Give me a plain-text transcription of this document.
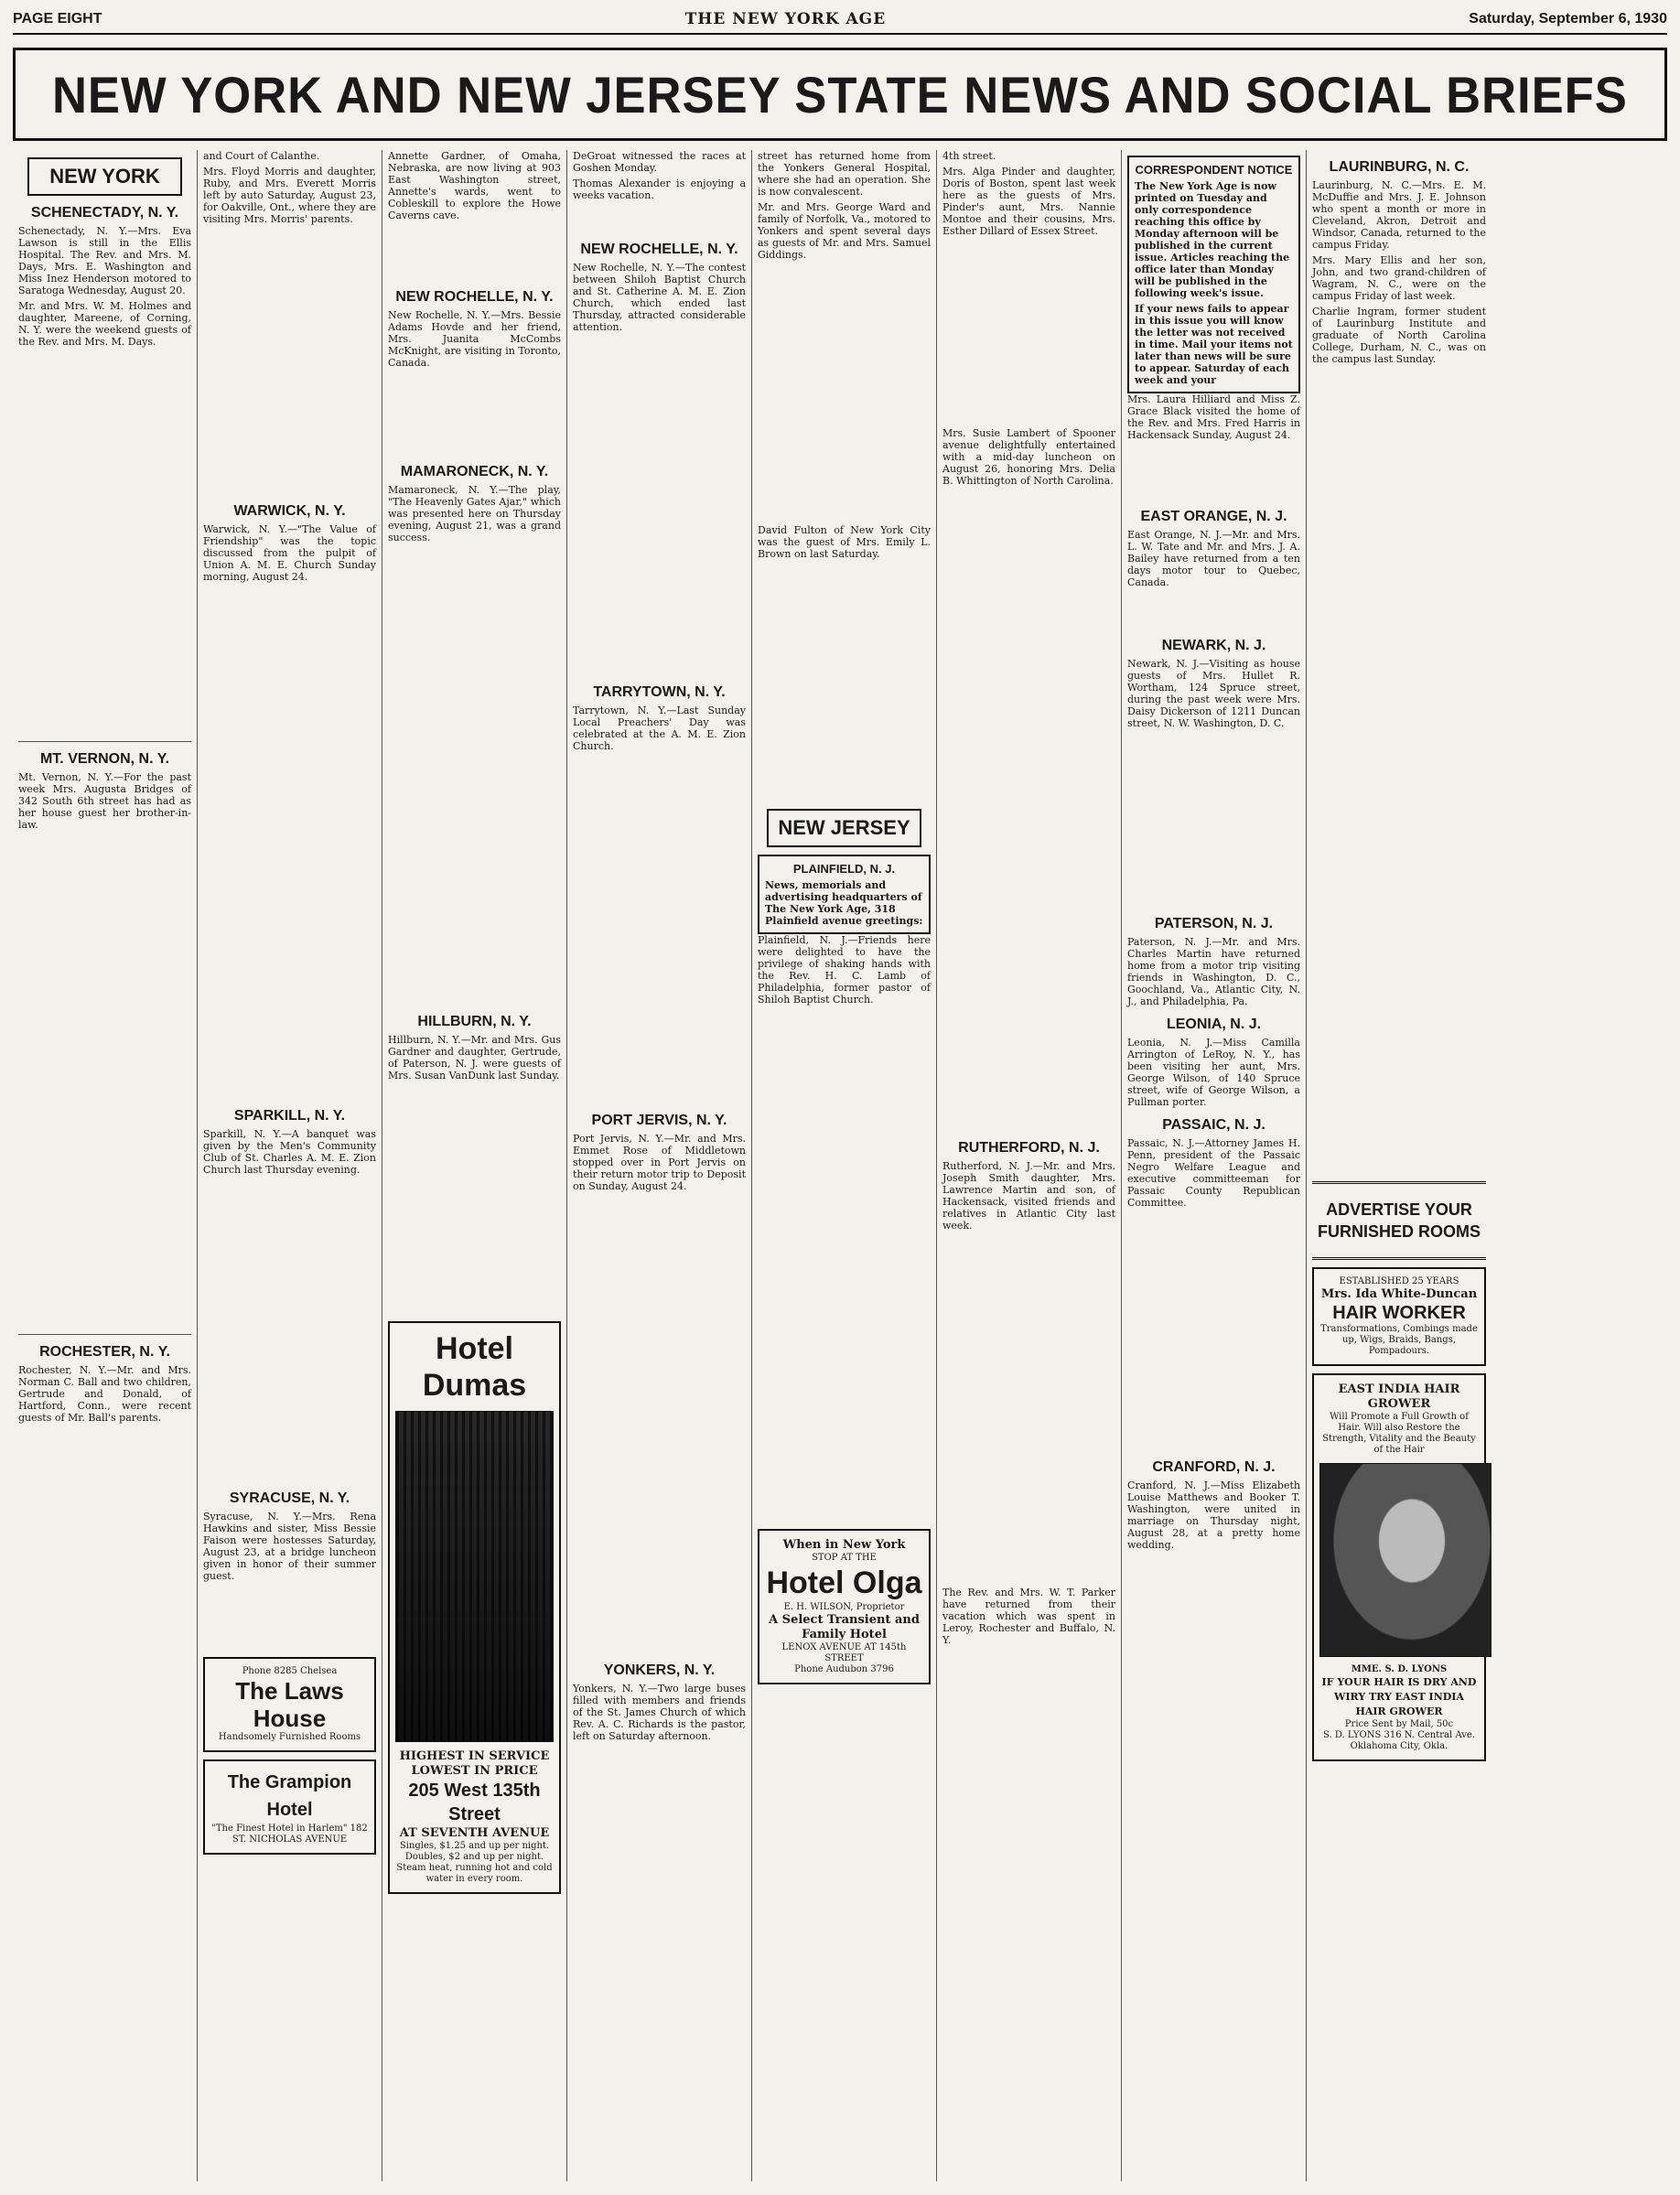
PAGE EIGHT	THE NEW YORK AGE	Saturday, September 6, 1930
NEW YORK AND NEW JERSEY STATE NEWS AND SOCIAL BRIEFS
NEW YORK
SCHENECTADY, N. Y.

Schenectady, N. Y.—Mrs. Eva Lawson is still in the Ellis Hospital. The Rev. and Mrs. M. Days, Mrs. E. Washington and Miss Inez Henderson motored to Saratoga Wednesday, August 20.

Mr. and Mrs. W. M. Holmes and daughter, Mareene, of Corning, N. Y. were the weekend guests of the Rev. and Mrs. M. Days.

MT. VERNON, N. Y.

Mt. Vernon, N. Y.—For the past week Mrs. Augusta Bridges of 342 South 6th street has had as her house guest her brother-in-law.

ROCHESTER, N. Y.

Rochester, N. Y.—Mr. and Mrs. Norman C. Ball and two children, Gertrude and Donald, of Hartford, Conn., were recent guests of Mr. Ball's parents.

and Court of Calanthe.

Mrs. Floyd Morris and daughter, Ruby, and Mrs. Everett Morris left by auto Saturday, August 23, for Oakville, Ont., where they are visiting Mrs. Morris' parents.

WARWICK, N. Y.

Warwick, N. Y.—"The Value of Friendship" was the topic discussed from the pulpit of Union A. M. E. Church Sunday morning, August 24.

SPARKILL, N. Y.

Sparkill, N. Y.—A banquet was given by the Men's Community Club of St. Charles A. M. E. Zion Church last Thursday evening.

SYRACUSE, N. Y.

Syracuse, N. Y.—Mrs. Rena Hawkins and sister, Miss Bessie Faison were hostesses Saturday, August 23, at a bridge luncheon given in honor of their summer guest.

Phone 8285 Chelsea
The Laws House
Handsomely Furnished Rooms
The Grampion Hotel
"The Finest Hotel in Harlem" 182 ST. NICHOLAS AVENUE

Annette Gardner, of Omaha, Nebraska, are now living at 903 East Washington street, Annette's wards, went to Cobleskill to explore the Howe Caverns cave.

NEW ROCHELLE, N. Y.

New Rochelle, N. Y.—Mrs. Bessie Adams Hovde and her friend, Mrs. Juanita McCombs McKnight, are visiting in Toronto, Canada.

MAMARONECK, N. Y.

Mamaroneck, N. Y.—The play, "The Heavenly Gates Ajar," which was presented here on Thursday evening, August 21, was a grand success.

HILLBURN, N. Y.

Hillburn, N. Y.—Mr. and Mrs. Gus Gardner and daughter, Gertrude, of Paterson, N. J. were guests of Mrs. Susan VanDunk last Sunday.

Hotel Dumas
HIGHEST IN SERVICE LOWEST IN PRICE
205 West 135th Street
AT SEVENTH AVENUE
Singles, $1.25 and up per night. Doubles, $2 and up per night.
Steam heat, running hot and cold water in every room.

DeGroat witnessed the races at Goshen Monday.

Thomas Alexander is enjoying a weeks vacation.

NEW ROCHELLE, N. Y.

New Rochelle, N. Y.—The contest between Shiloh Baptist Church and St. Catherine A. M. E. Zion Church, which ended last Thursday, attracted considerable attention.

TARRYTOWN, N. Y.

Tarrytown, N. Y.—Last Sunday Local Preachers' Day was celebrated at the A. M. E. Zion Church.

PORT JERVIS, N. Y.

Port Jervis, N. Y.—Mr. and Mrs. Emmet Rose of Middletown stopped over in Port Jervis on their return motor trip to Deposit on Sunday, August 24.

YONKERS, N. Y.

Yonkers, N. Y.—Two large buses filled with members and friends of the St. James Church of which Rev. A. C. Richards is the pastor, left on Saturday afternoon.

street has returned home from the Yonkers General Hospital, where she had an operation. She is now convalescent.

Mr. and Mrs. George Ward and family of Norfolk, Va., motored to Yonkers and spent several days as guests of Mr. and Mrs. Samuel Giddings.

David Fulton of New York City was the guest of Mrs. Emily L. Brown on last Saturday.

NEW JERSEY
PLAINFIELD, N. J.
News, memorials and advertising headquarters of The New York Age, 318 Plainfield avenue greetings:

Plainfield, N. J.—Friends here were delighted to have the privilege of shaking hands with the Rev. H. C. Lamb of Philadelphia, former pastor of Shiloh Baptist Church.

When in New York
STOP AT THE
Hotel Olga
E. H. WILSON, Proprietor
A Select Transient and Family Hotel
LENOX AVENUE AT 145th STREET
Phone Audubon 3796

4th street.

Mrs. Alga Pinder and daughter, Doris of Boston, spent last week here as the guests of Mrs. Pinder's aunt, Mrs. Nannie Montoe and their cousins, Mrs. Esther Dillard of Essex Street.

Mrs. Susie Lambert of Spooner avenue delightfully entertained with a mid-day luncheon on August 26, honoring Mrs. Delia B. Whittington of North Carolina.

RUTHERFORD, N. J.

Rutherford, N. J.—Mr. and Mrs. Joseph Smith daughter, Mrs. Lawrence Martin and son, of Hackensack, visited friends and relatives in Atlantic City last week.

The Rev. and Mrs. W. T. Parker have returned from their vacation which was spent in Leroy, Rochester and Buffalo, N. Y.

CORRESPONDENT NOTICE
The New York Age is now printed on Tuesday and only correspondence reaching this office by Monday afternoon will be published in the current issue. Articles reaching the office later than Monday will be published in the following week's issue.
If your news fails to appear in this issue you will know the letter was not received in time. Mail your items not later than news will be sure to appear. Saturday of each week and your

Mrs. Laura Hilliard and Miss Z. Grace Black visited the home of the Rev. and Mrs. Fred Harris in Hackensack Sunday, August 24.

EAST ORANGE, N. J.

East Orange, N. J.—Mr. and Mrs. L. W. Tate and Mr. and Mrs. J. A. Bailey have returned from a ten days motor tour to Quebec, Canada.

NEWARK, N. J.

Newark, N. J.—Visiting as house guests of Mrs. Hullet R. Wortham, 124 Spruce street, during the past week were Mrs. Daisy Dickerson of 1211 Duncan street, N. W. Washington, D. C.

PATERSON, N. J.

Paterson, N. J.—Mr. and Mrs. Charles Martin have returned home from a motor trip visiting friends in Washington, D. C., Goochland, Va., Atlantic City, N. J., and Philadelphia, Pa.

LEONIA, N. J.

Leonia, N. J.—Miss Camilla Arrington of LeRoy, N. Y., has been visiting her aunt, Mrs. George Wilson, of 140 Spruce street, wife of George Wilson, a Pullman porter.

PASSAIC, N. J.

Passaic, N. J.—Attorney James H. Penn, president of the Passaic Negro Welfare League and executive committeeman for Passaic County Republican Committee.

CRANFORD, N. J.

Cranford, N. J.—Miss Elizabeth Louise Matthews and Booker T. Washington, were united in marriage on Thursday night, August 28, at a pretty home wedding.

LAURINBURG, N. C.

Laurinburg, N. C.—Mrs. E. M. McDuffie and Mrs. J. E. Johnson who spent a month or more in Cleveland, Akron, Detroit and Windsor, Canada, returned to the campus Friday.

Mrs. Mary Ellis and her son, John, and two grand-children of Wagram, N. C., were on the campus Friday of last week.

Charlie Ingram, former student of Laurinburg Institute and graduate of North Carolina College, Durham, N. C., was on the campus last Sunday.

ADVERTISE YOUR FURNISHED ROOMS
ESTABLISHED 25 YEARS
Mrs. Ida White-Duncan
HAIR WORKER
Transformations, Combings made up, Wigs, Braids, Bangs, Pompadours.
EAST INDIA HAIR GROWER
Will Promote a Full Growth of Hair. Will also Restore the Strength, Vitality and the Beauty of the Hair
MME. S. D. LYONS
IF YOUR HAIR IS DRY AND WIRY TRY EAST INDIA HAIR GROWER
Price Sent by Mail, 50c
S. D. LYONS 316 N. Central Ave. Oklahoma City, Okla.
